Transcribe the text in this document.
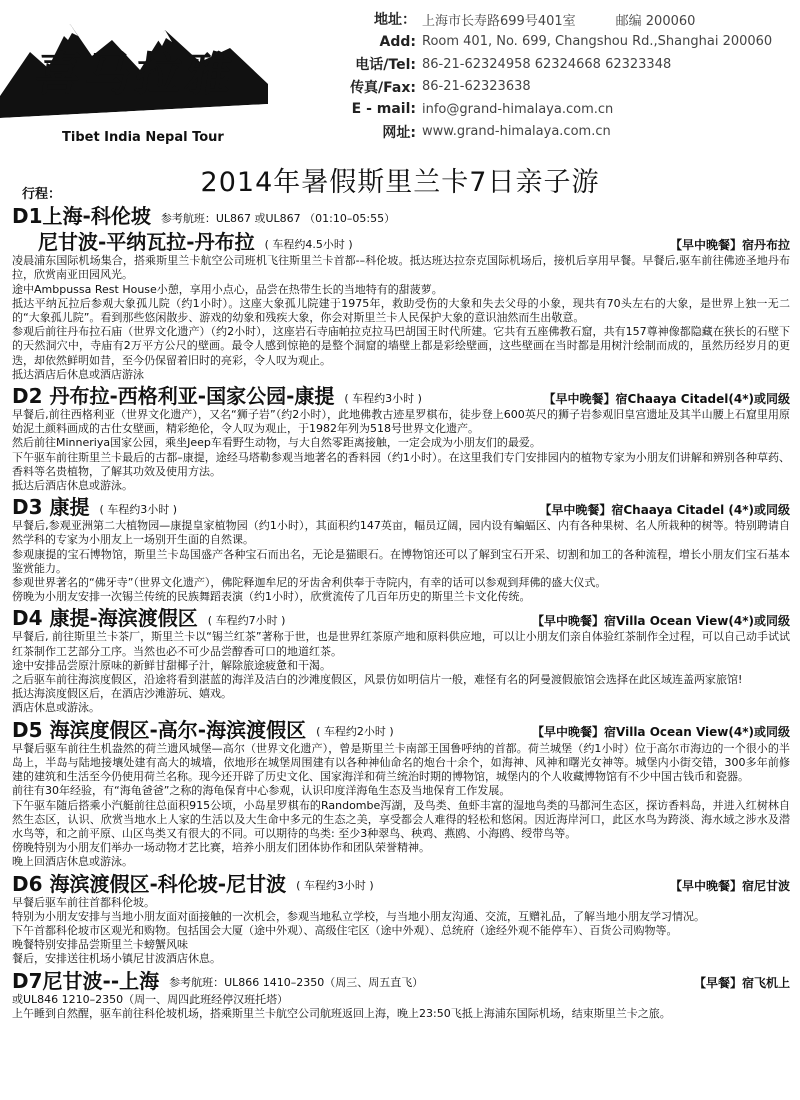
喜马拉雅
Tibet India Nepal Tour
地址： 上海市长寿路699号401室	邮编 200060
Add: Room 401, No. 699, Changshou Rd.,Shanghai 200060
电话/Tel: 86-21-62324958 62324668 62323348
传真/Fax: 86-21-62323638
E - mail: info@grand-himalaya.com.cn
网址: www.grand-himalaya.com.cn
2014年暑假斯里兰卡7日亲子游
行程：
D1上海-科伦坡 参考航班：UL867 或UL867 （01:10–05:55）
尼甘波-平纳瓦拉-丹布拉 ( 车程约4.5小时 )	【早中晚餐】宿丹布拉

凌晨浦东国际机场集合，搭乘斯里兰卡航空公司班机飞往斯里兰卡首都-–科伦坡。抵达班达拉奈克国际机场后，接机后享用早餐。早餐后,驱车前往佛迹圣地丹布拉，欣赏南亚田园风光。

途中Ambpussa Rest House小憩，享用小点心，品尝在热带生长的当地特有的甜菠萝。

抵达平纳瓦拉后参观大象孤儿院（约1小时）。这座大象孤儿院建于1975年，救助受伤的大象和失去父母的小象，现共有70头左右的大象，是世界上独一无二的“大象孤儿院”。看到那些悠闲散步、游戏的幼象和残疾大象，你会对斯里兰卡人民保护大象的意识油然而生出敬意。

参观后前往丹布拉石庙（世界文化遗产）（约2小时），这座岩石寺庙帕拉克拉马巴胡国王时代所建。它共有五座佛教石窟，共有157尊神像都隐藏在狭长的石壁下的天然洞穴中，寺庙有2万平方公尺的壁画。最令人感到惊艳的是整个洞窟的墙壁上都是彩绘壁画，这些壁画在当时都是用树汁绘制而成的，虽然历经岁月的更迭，却依然鲜明如昔，至今仍保留着旧时的亮彩，令人叹为观止。

抵达酒店后休息或酒店游泳

D2 丹布拉-西格利亚-国家公园-康提 ( 车程约3小时 )	【早中晚餐】宿Chaaya Citadel(4*)或同级

早餐后,前往西格利亚（世界文化遗产），又名“狮子岩”（约2小时），此地佛教古迹星罗棋布，徒步登上600英尺的狮子岩参观旧皇宫遗址及其半山腰上石窟里用原始泥土颜料画成的古仕女壁画，精彩绝伦，令人叹为观止，于1982年列为518号世界文化遗产。

然后前往Minneriya国家公园，乘坐Jeep车看野生动物，与大自然零距离接触，一定会成为小朋友们的最爱。

下午驱车前往斯里兰卡最后的古都–康提，途经马塔勒参观当地著名的香料园（约1小时）。在这里我们专门安排园内的植物专家为小朋友们讲解和辨别各种草药、香料等名贵植物，了解其功效及使用方法。

抵达后酒店休息或游泳。

D3 康提 ( 车程约3小时 )	【早中晚餐】宿Chaaya Citadel (4*)或同级

早餐后,参观亚洲第二大植物园—康提皇家植物园（约1小时），其面积约147英亩，幅员辽阔，园内设有蝙蝠区、内有各种果树、名人所栽种的树等。特别聘请自然学科的专家为小朋友上一场别开生面的自然课。

参观康提的宝石博物馆，斯里兰卡岛国盛产各种宝石而出名，无论是猫眼石。在博物馆还可以了解到宝石开采、切割和加工的各种流程，增长小朋友们宝石基本鉴赏能力。

参观世界著名的“佛牙寺”（世界文化遗产），佛陀释迦牟尼的牙齿舍利供奉于寺院内，有幸的话可以参观到拜佛的盛大仪式。

傍晚为小朋友安排一次锡兰传统的民族舞蹈表演（约1小时），欣赏流传了几百年历史的斯里兰卡文化传统。

D4 康提-海滨渡假区 ( 车程约7小时 )	【早中晚餐】宿Villa Ocean View(4*)或同级

早餐后, 前往斯里兰卡茶厂，斯里兰卡以“锡兰红茶”著称于世，也是世界红茶原产地和原料供应地，可以让小朋友们亲自体验红茶制作全过程，可以自己动手试试红茶制作工艺部分工序。当然也必不可少品尝醇香可口的地道红茶。

途中安排品尝原汁原味的新鲜甘甜椰子汁，解除旅途疲惫和干渴。

之后驱车前往海滨度假区，沿途将看到湛蓝的海洋及洁白的沙滩度假区，风景仿如明信片一般，难怪有名的阿曼渡假旅馆会选择在此区域连盖两家旅馆!

抵达海滨度假区后，在酒店沙滩游玩、嬉戏。

酒店休息或游泳。

D5 海滨度假区-高尔-海滨渡假区 ( 车程约2小时 )	【早中晚餐】宿Villa Ocean View(4*)或同级

早餐后驱车前往生机盎然的荷兰遗风城堡—高尔（世界文化遗产），曾是斯里兰卡南部王国鲁呼纳的首都。荷兰城堡（约1小时）位于高尔市海边的一个很小的半岛上，半岛与陆地接壤处建有高大的城墙，依地形在城堡周围建有以各种神仙命名的炮台十余个，如海神、风神和曙光女神等。城堡内小街交错，300多年前修建的建筑和生活至今仍使用荷兰名称。现今还开辟了历史文化、国家海洋和荷兰统治时期的博物馆，城堡内的个人收藏博物馆有不少中国古钱币和瓷器。

前往有30年经验，有“海龟爸爸”之称的海龟保育中心参观，认识印度洋海龟生态及当地保育工作发展。

下午驱车随后搭乘小汽艇前往总面积915公顷，小岛星罗棋布的Randombe泻湖，及鸟类、鱼虾丰富的湿地鸟类的马都河生态区，探访香料岛，并进入红树林自然生态区，认识、欣赏当地水上人家的生活以及大生命中多元的生态之美，享受都会人难得的轻松和悠闲。因近海岸河口，此区水鸟为跨淡、海水域之涉水及潜水鸟等，和之前平原、山区鸟类又有很大的不同。可以期待的鸟类: 至少3种翠鸟、秧鸡、燕鸥、小海鸥、绶带鸟等。

傍晚特别为小朋友们举办一场动物才艺比赛，培养小朋友们团体协作和团队荣誉精神。

晚上回酒店休息或游泳。

D6 海滨渡假区-科伦坡-尼甘波 ( 车程约3小时 )	【早中晚餐】宿尼甘波

早餐后驱车前往首都科伦坡。

特别为小朋友安排与当地小朋友面对面接触的一次机会，参观当地私立学校，与当地小朋友沟通、交流，互赠礼品，了解当地小朋友学习情况。

下午首都科伦坡市区观光和购物。包括国会大厦（途中外观）、高级住宅区（途中外观）、总统府（途经外观不能停车）、百货公司购物等。

晚餐特别安排品尝斯里兰卡螃蟹风味

餐后，安排送往机场小镇尼甘波酒店休息。

D7尼甘波--上海 参考航班：UL866 1410–2350（周三、周五直飞）	【早餐】宿飞机上

或UL846 1210–2350（周一、周四此班经停汉班托塔）

上午睡到自然醒，驱车前往科伦坡机场，搭乘斯里兰卡航空公司航班返回上海，晚上23:50飞抵上海浦东国际机场，结束斯里兰卡之旅。
